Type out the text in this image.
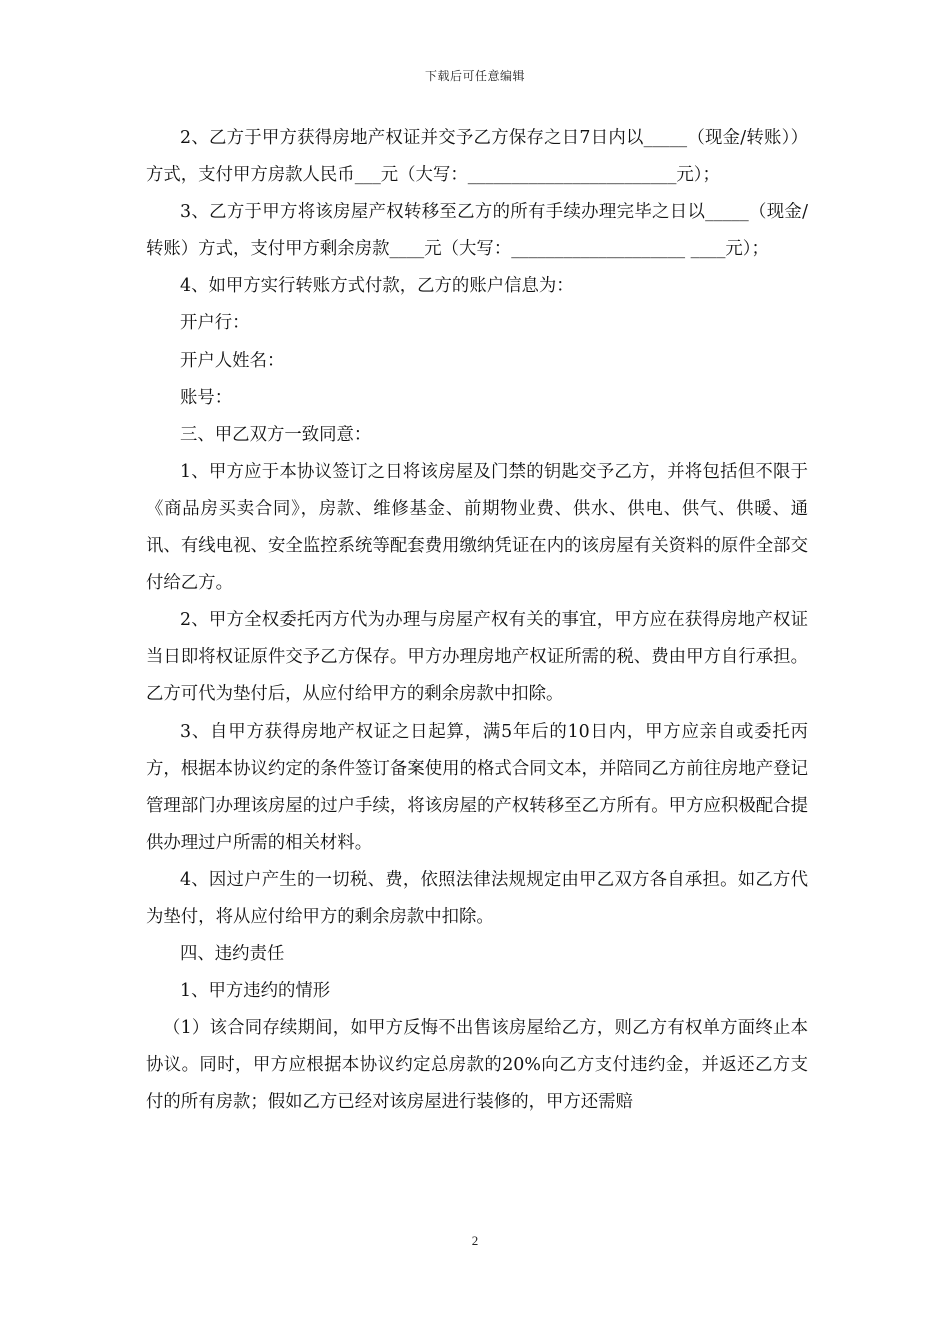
下载后可任意编辑

2、乙方于甲方获得房地产权证并交予乙方保存之日7日内以_____（现金/转账））方式，支付甲方房款人民币___元（大写：________________________元）；

3、乙方于甲方将该房屋产权转移至乙方的所有手续办理完毕之日以_____（现金/转账）方式，支付甲方剩余房款____元（大写：____________________ ____元）；

4、如甲方实行转账方式付款，乙方的账户信息为：

开户行：

开户人姓名：

账号：

三、甲乙双方一致同意：

1、甲方应于本协议签订之日将该房屋及门禁的钥匙交予乙方，并将包括但不限于《商品房买卖合同》，房款、维修基金、前期物业费、供水、供电、供气、供暖、通讯、有线电视、安全监控系统等配套费用缴纳凭证在内的该房屋有关资料的原件全部交付给乙方。

2、甲方全权委托丙方代为办理与房屋产权有关的事宜，甲方应在获得房地产权证当日即将权证原件交予乙方保存。甲方办理房地产权证所需的税、费由甲方自行承担。乙方可代为垫付后，从应付给甲方的剩余房款中扣除。

3、自甲方获得房地产权证之日起算，满5年后的10日内，甲方应亲自或委托丙方，根据本协议约定的条件签订备案使用的格式合同文本，并陪同乙方前往房地产登记管理部门办理该房屋的过户手续，将该房屋的产权转移至乙方所有。甲方应积极配合提供办理过户所需的相关材料。

4、因过户产生的一切税、费，依照法律法规规定由甲乙双方各自承担。如乙方代为垫付，将从应付给甲方的剩余房款中扣除。

四、违约责任

1、甲方违约的情形

（1）该合同存续期间，如甲方反悔不出售该房屋给乙方，则乙方有权单方面终止本协议。同时，甲方应根据本协议约定总房款的20%向乙方支付违约金，并返还乙方支付的所有房款；假如乙方已经对该房屋进行装修的，甲方还需赔

2
